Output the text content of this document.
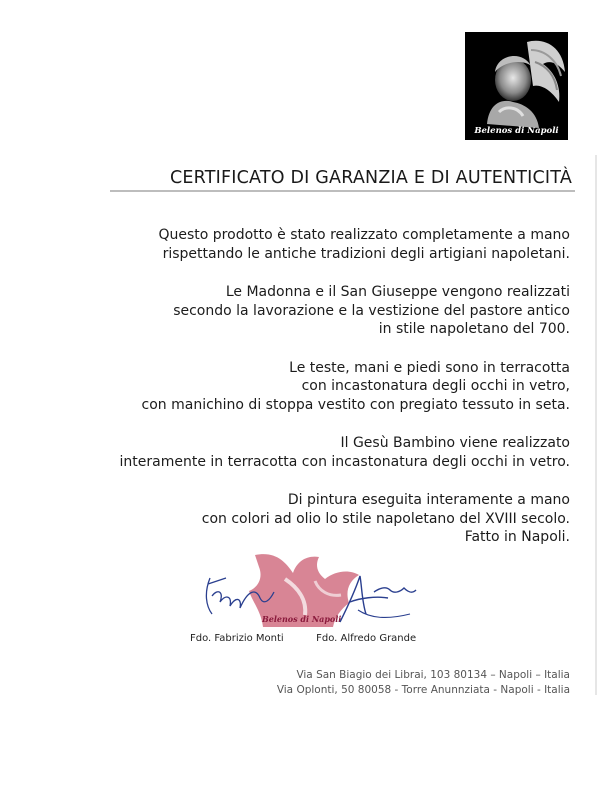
Belenos di Napoli
CERTIFICATO DI GARANZIA E DI AUTENTICITÀ
Questo prodotto è stato realizzato completamente a mano
rispettando le antiche tradizioni degli artigiani napoletani.
Le Madonna e il San Giuseppe vengono realizzati
secondo la lavorazione e la vestizione del pastore antico
in stile napoletano del 700.
Le teste, mani e piedi sono in terracotta
con incastonatura degli occhi in vetro,
con manichino di stoppa vestito con pregiato tessuto in seta.
Il Gesù Bambino viene realizzato
interamente in terracotta con incastonatura degli occhi in vetro.
Di pintura eseguita interamente a mano
con colori ad olio lo stile napoletano del XVIII secolo.
Fatto in Napoli.
Belenos di Napoli
Fdo. Fabrizio Monti	Fdo. Alfredo Grande
Via San Biagio dei Librai, 103 80134 – Napoli – Italia
Via Oplonti, 50 80058 - Torre Anunnziata - Napoli - Italia
